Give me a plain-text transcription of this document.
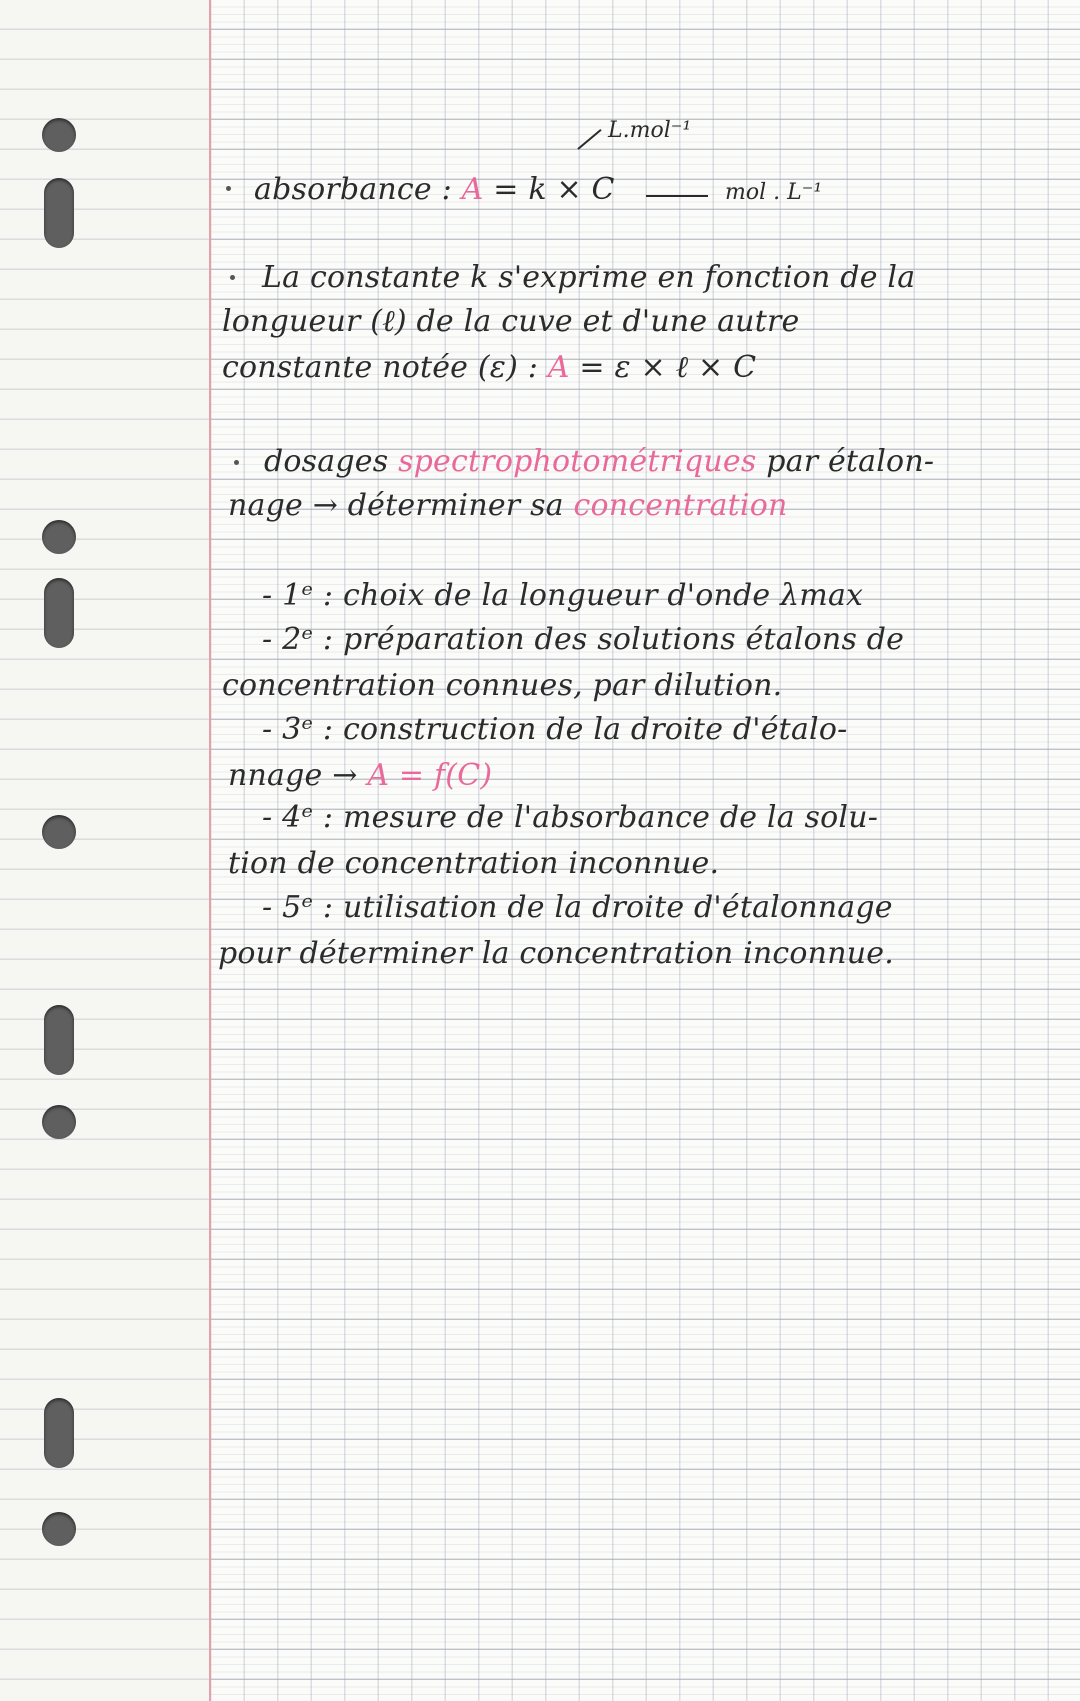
L.mol⁻¹
absorbance : A = k × C	mol . L⁻¹
La constante k s'exprime en fonction de la
longueur (ℓ) de la cuve et d'une autre
constante notée (ε) : A = ε × ℓ × C
dosages spectrophotométriques par étalon-
nage → déterminer sa concentration
- 1ᵉ : choix de la longueur d'onde λmax
- 2ᵉ : préparation des solutions étalons de
concentration connues, par dilution.
- 3ᵉ : construction de la droite d'étalo-
nnage → A = f(C)
- 4ᵉ : mesure de l'absorbance de la solu-
tion de concentration inconnue.
- 5ᵉ : utilisation de la droite d'étalonnage
pour déterminer la concentration inconnue.
